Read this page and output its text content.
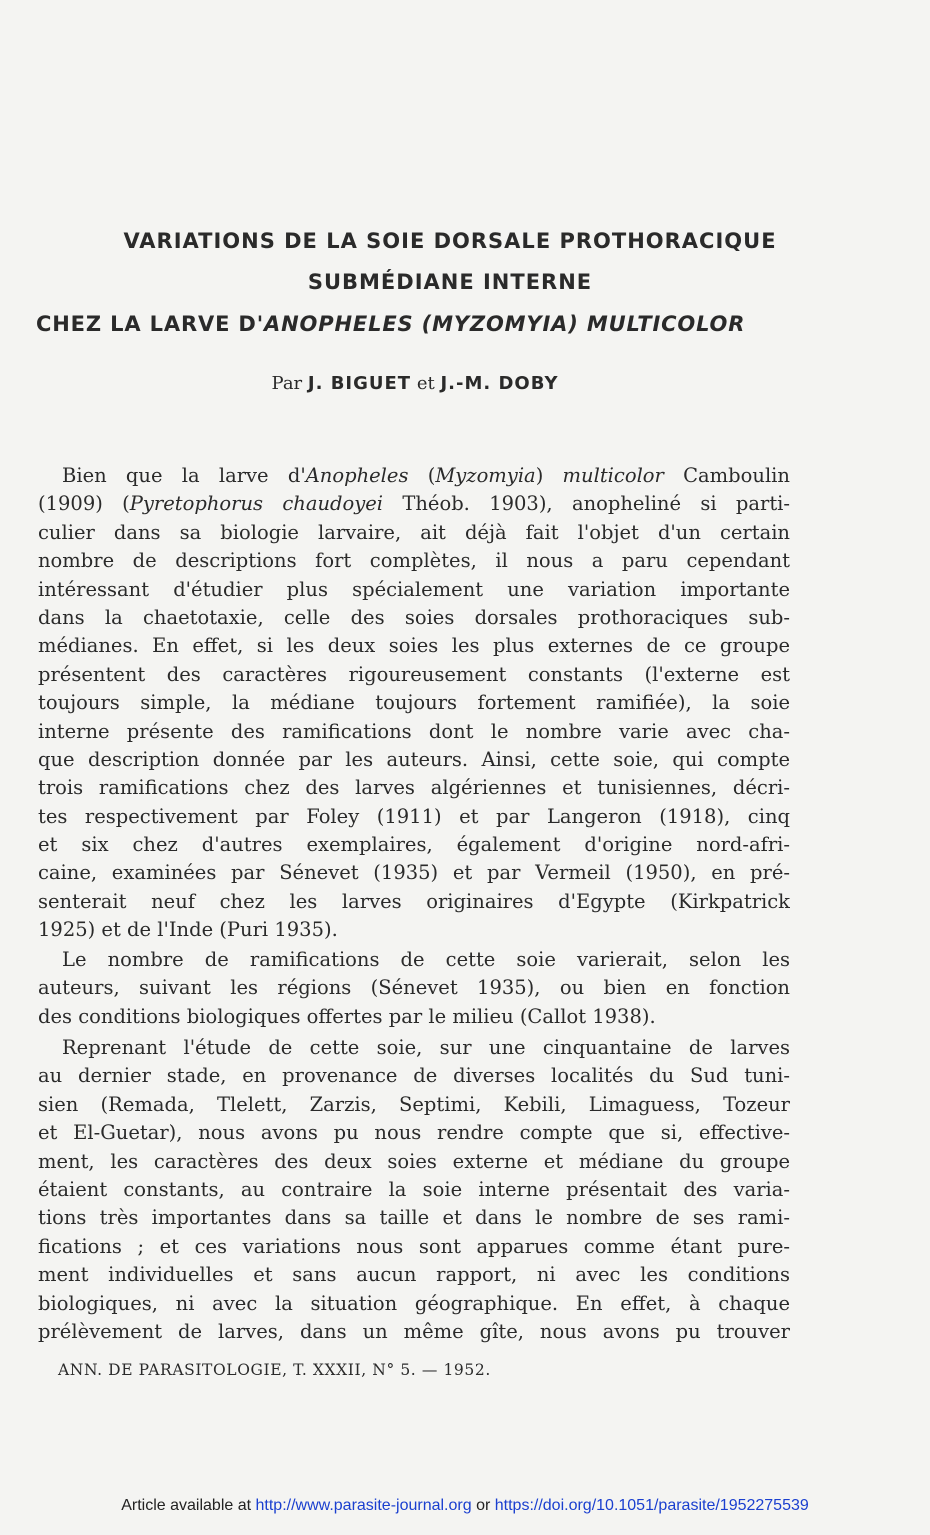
VARIATIONS DE LA SOIE DORSALE PROTHORACIQUE
SUBMÉDIANE INTERNE
CHEZ LA LARVE D'ANOPHELES (MYZOMYIA) MULTICOLOR
Par J. BIGUET et J.-M. DOBY
Bien que la larve d'Anopheles (Myzomyia) multicolor Camboulin
(1909) (Pyretophorus chaudoyei Théob. 1903), anopheliné si parti-
culier dans sa biologie larvaire, ait déjà fait l'objet d'un certain
nombre de descriptions fort complètes, il nous a paru cependant
intéressant d'étudier plus spécialement une variation importante
dans la chaetotaxie, celle des soies dorsales prothoraciques sub-
médianes. En effet, si les deux soies les plus externes de ce groupe
présentent des caractères rigoureusement constants (l'externe est
toujours simple, la médiane toujours fortement ramifiée), la soie
interne présente des ramifications dont le nombre varie avec cha-
que description donnée par les auteurs. Ainsi, cette soie, qui compte
trois ramifications chez des larves algériennes et tunisiennes, décri-
tes respectivement par Foley (1911) et par Langeron (1918), cinq
et six chez d'autres exemplaires, également d'origine nord-afri-
caine, examinées par Sénevet (1935) et par Vermeil (1950), en pré-
senterait neuf chez les larves originaires d'Egypte (Kirkpatrick
1925) et de l'Inde (Puri 1935).
Le nombre de ramifications de cette soie varierait, selon les
auteurs, suivant les régions (Sénevet 1935), ou bien en fonction
des conditions biologiques offertes par le milieu (Callot 1938).
Reprenant l'étude de cette soie, sur une cinquantaine de larves
au dernier stade, en provenance de diverses localités du Sud tuni-
sien (Remada, Tlelett, Zarzis, Septimi, Kebili, Limaguess, Tozeur
et El-Guetar), nous avons pu nous rendre compte que si, effective-
ment, les caractères des deux soies externe et médiane du groupe
étaient constants, au contraire la soie interne présentait des varia-
tions très importantes dans sa taille et dans le nombre de ses rami-
fications ; et ces variations nous sont apparues comme étant pure-
ment individuelles et sans aucun rapport, ni avec les conditions
biologiques, ni avec la situation géographique. En effet, à chaque
prélèvement de larves, dans un même gîte, nous avons pu trouver
ANN. DE PARASITOLOGIE, T. XXXII, N° 5. — 1952.
Article available at http://www.parasite-journal.org or https://doi.org/10.1051/parasite/1952275539
